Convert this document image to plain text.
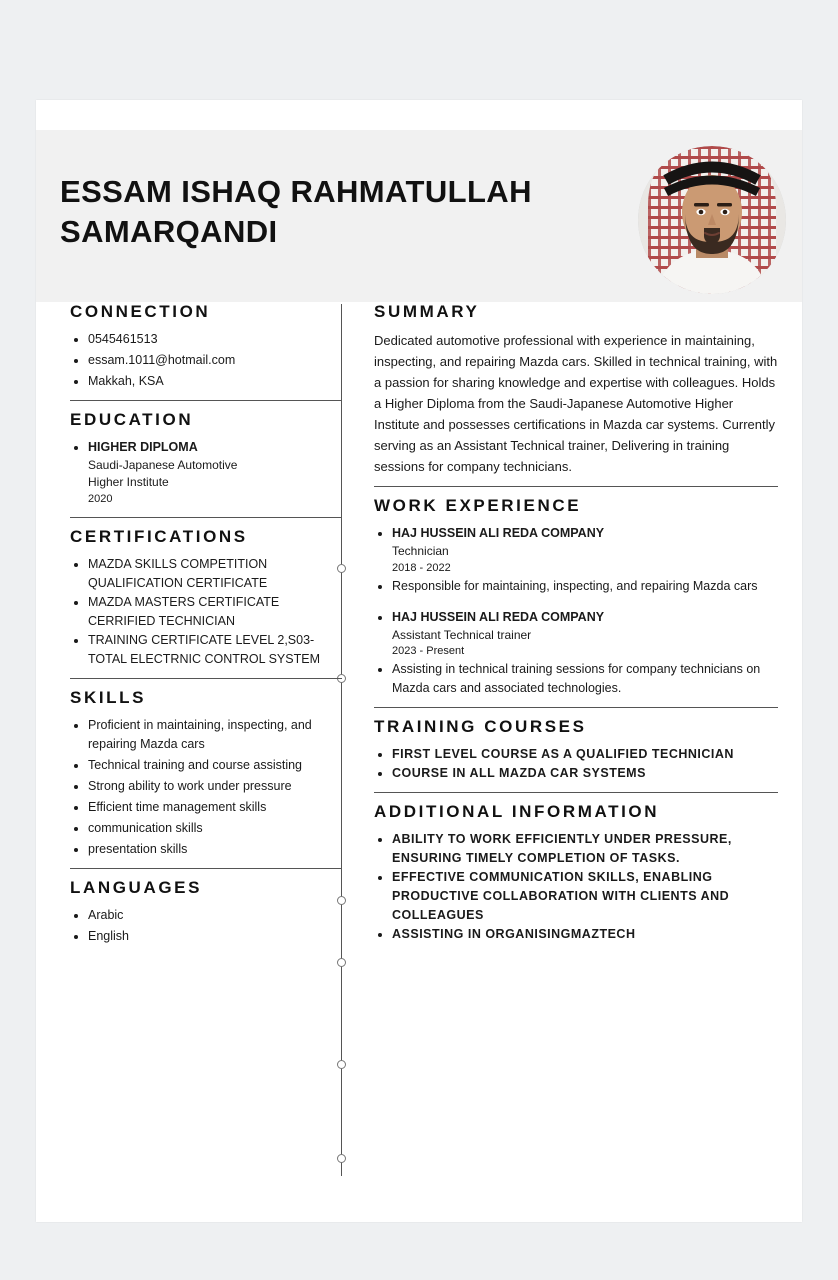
ESSAM ISHAQ RAHMATULLAH
SAMARQANDI
CONNECTION
• 0545461513
• essam.1011@hotmail.com
• Makkah, KSA
EDUCATION
• HIGHER DIPLOMA
Saudi-Japanese Automotive
Higher Institute
2020
CERTIFICATIONS
• MAZDA SKILLS COMPETITION QUALIFICATION CERTIFICATE
• MAZDA MASTERS CERTIFICATE CERRIFIED TECHNICIAN
• TRAINING CERTIFICATE LEVEL 2,S03-TOTAL ELECTRNIC CONTROL SYSTEM
SKILLS
• Proficient in maintaining, inspecting, and repairing Mazda cars
• Technical training and course assisting
• Strong ability to work under pressure
• Efficient time management skills
• communication skills
• presentation skills
LANGUAGES
• Arabic
• English
SUMMARY

Dedicated automotive professional with experience in maintaining, inspecting, and repairing Mazda cars. Skilled in technical training, with a passion for sharing knowledge and expertise with colleagues. Holds a Higher Diploma from the Saudi-Japanese Automotive Higher Institute and possesses certifications in Mazda car systems. Currently serving as an Assistant Technical trainer, Delivering in training sessions for company technicians.

WORK EXPERIENCE
• HAJ HUSSEIN ALI REDA COMPANY
Technician
2018 - 2022
• Responsible for maintaining, inspecting, and repairing Mazda cars
• HAJ HUSSEIN ALI REDA COMPANY
Assistant Technical trainer
2023 - Present
• Assisting in technical training sessions for company technicians on Mazda cars and associated technologies.
TRAINING COURSES
• FIRST LEVEL COURSE AS A QUALIFIED TECHNICIAN
• COURSE IN ALL MAZDA CAR SYSTEMS
ADDITIONAL INFORMATION
• ABILITY TO WORK EFFICIENTLY UNDER PRESSURE, ENSURING TIMELY COMPLETION OF TASKS.
• EFFECTIVE COMMUNICATION SKILLS, ENABLING PRODUCTIVE COLLABORATION WITH CLIENTS AND COLLEAGUES
• ASSISTING IN ORGANISINGMAZTECH
